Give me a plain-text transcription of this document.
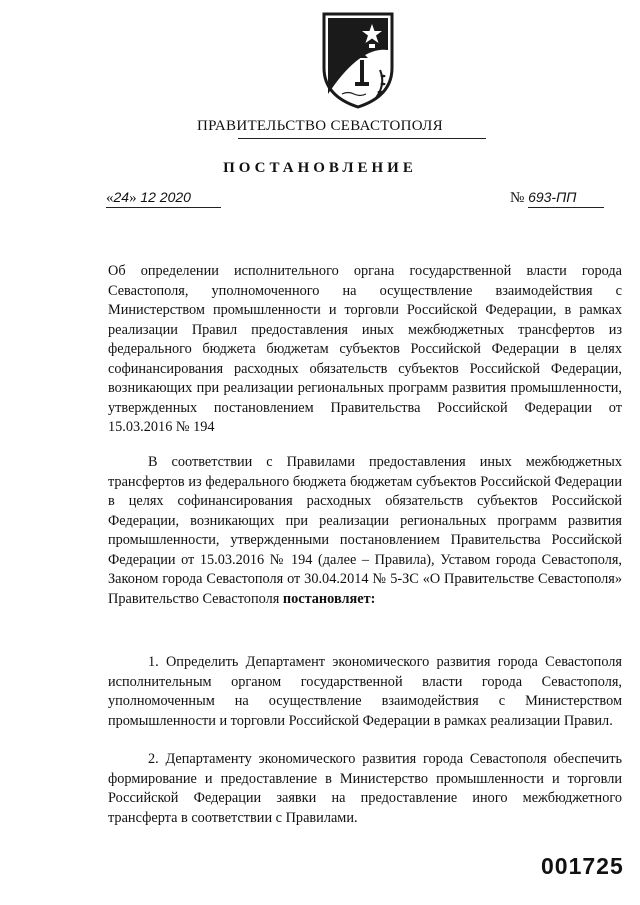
ПРАВИТЕЛЬСТВО СЕВАСТОПОЛЯ
ПОСТАНОВЛЕНИЕ
«24» 12 2020	№ 693-ПП
Об определении исполнительного органа государственной власти города Севастополя, уполномоченного на осуществление взаимодействия с Министерством промышленности и торговли Российской Федерации, в рамках реализации Правил предоставления иных межбюджетных трансфертов из федерального бюджета бюджетам субъектов Российской Федерации в целях софинансирования расходных обязательств субъектов Российской Федерации, возникающих при реализации региональных программ развития промышленности, утвержденных постановлением Правительства Российской Федерации от 15.03.2016 № 194
В соответствии с Правилами предоставления иных межбюджетных трансфертов из федерального бюджета бюджетам субъектов Российской Федерации в целях софинансирования расходных обязательств субъектов Российской Федерации, возникающих при реализации региональных программ развития промышленности, утвержденными постановлением Правительства Российской Федерации от 15.03.2016 № 194 (далее – Правила), Уставом города Севастополя, Законом города Севастополя от 30.04.2014 № 5-ЗС «О Правительстве Севастополя» Правительство Севастополя постановляет:
1. Определить Департамент экономического развития города Севастополя исполнительным органом государственной власти города Севастополя, уполномоченным на осуществление взаимодействия с Министерством промышленности и торговли Российской Федерации в рамках реализации Правил.
2. Департаменту экономического развития города Севастополя обеспечить формирование и предоставление в Министерство промышленности и торговли Российской Федерации заявки на предоставление иного межбюджетного трансферта в соответствии с Правилами.
001725
